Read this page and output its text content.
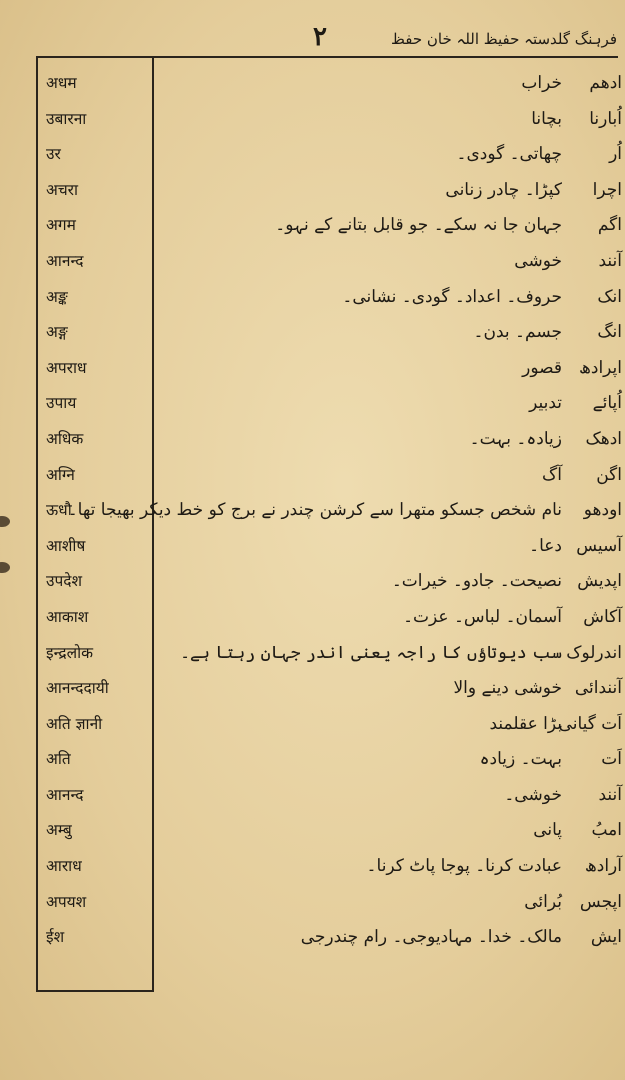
۲	فرہنگ گلدستہ حفیظ اللہ خان حفظ
अधम
उबारना
उर
अचरा
अगम
आनन्द
अङ्क
अङ्ग
अपराध
उपाय
अधिक
अग्नि
ऊधौ
आशीष
उपदेश
आकाश
इन्द्रलोक
आनन्ददायी
अति ज्ञानी
अति
आनन्द
अम्बु
आराध
अपयश
ईश
خراب
بچانا
چھاتی۔ گودی۔
کپڑا۔ چادر زنانی
جہان جا نہ سکے۔ جو قابل بتانے کے نہو۔
خوشی
حروف۔ اعداد۔ گودی۔ نشانی۔
جسم۔ بدن۔
قصور
تدبیر
زیادہ۔ بہت۔
آگ
نام شخص جسکو متھرا سے کرشن چندر نے برج کو خط دیکر بھیجا تھا۔
دعا۔
نصیحت۔ جادو۔ خیرات۔
آسمان۔ لباس۔ عزت۔
سب دیوتاؤں کا راجہ یعنی اندر جہان رہتا ہے۔
خوشی دینے والا
بڑا عقلمند
بہت۔ زیادہ
خوشی۔
پانی
عبادت کرنا۔ پوجا پاٹ کرنا۔
بُرائی
مالک۔ خدا۔ مہادیوجی۔ رام چندرجی
ادھم
اُبارنا
اُر
اچرا
اگم
آنند
انک
انگ
اپرادھ
اُپائے
ادھک
اگن
اودھو
آسیس
اپدیش
آکاش
اندرلوک
آنندائی
اَت گیانی
اَت
آنند
امبُ
آرادھ
اپجس
ایش
